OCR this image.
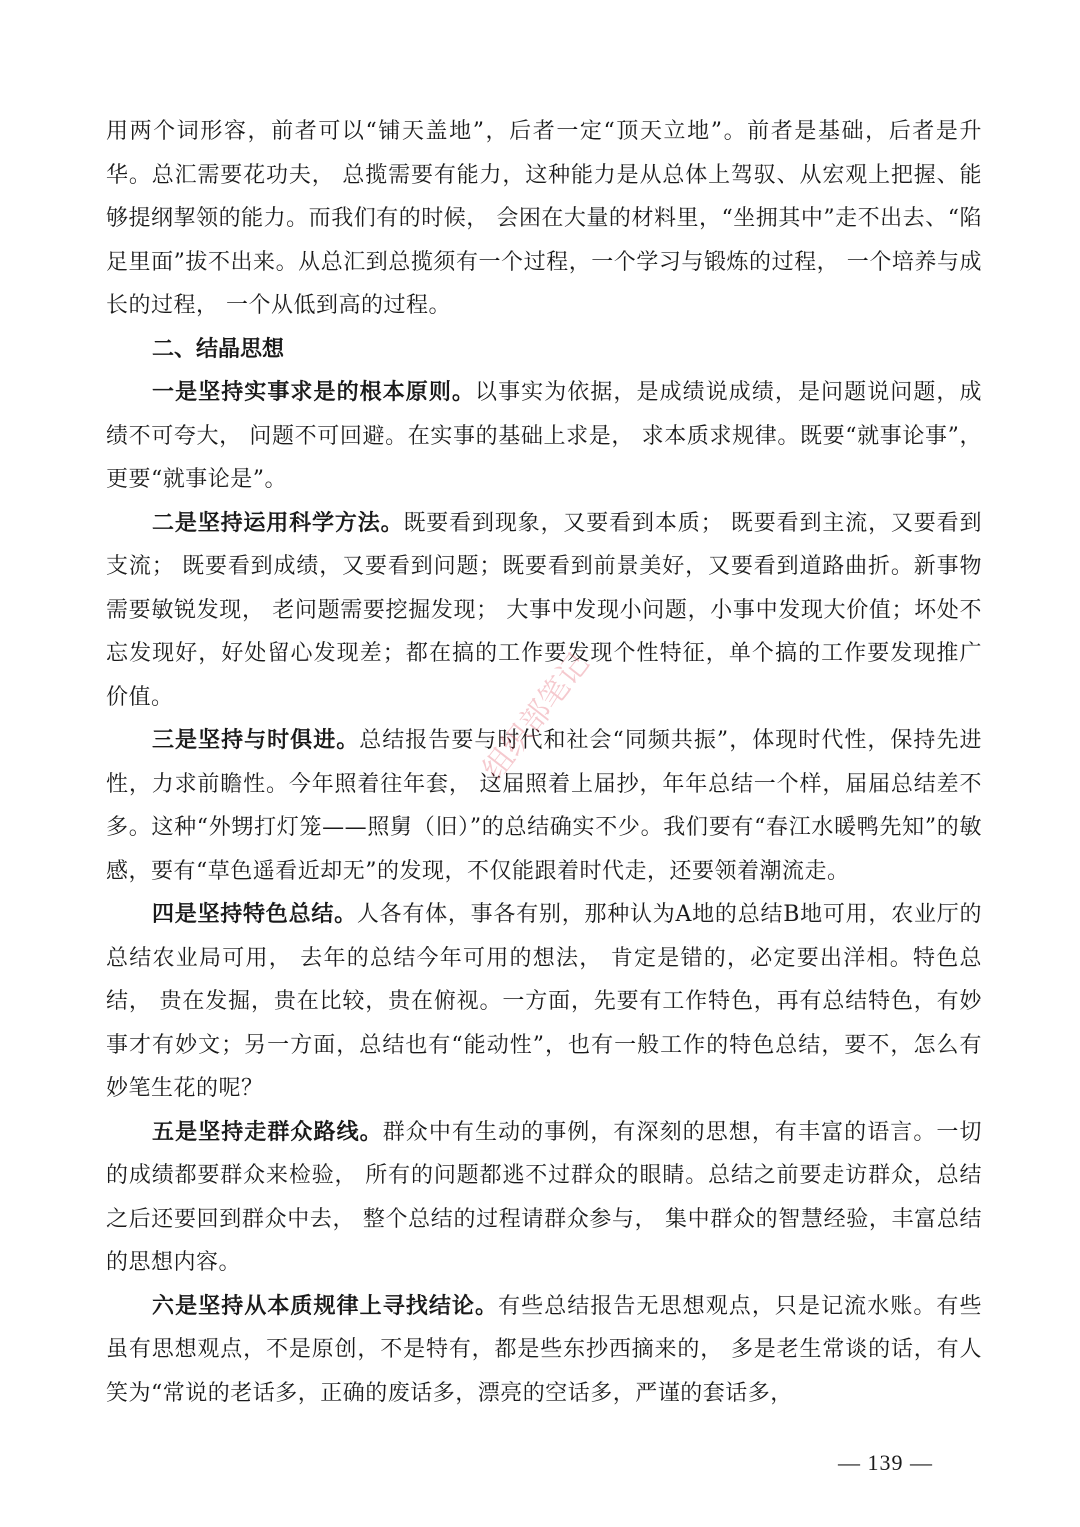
用两个词形容，前者可以“铺天盖地”，后者一定“顶天立地”。前者是基础，后者是升华。总汇需要花功夫， 总揽需要有能力，这种能力是从总体上驾驭、从宏观上把握、能够提纲挈领的能力。而我们有的时候， 会困在大量的材料里，“坐拥其中”走不出去、“陷足里面”拔不出来。从总汇到总揽须有一个过程，一个学习与锻炼的过程， 一个培养与成长的过程， 一个从低到高的过程。

二、结晶思想

一是坚持实事求是的根本原则。以事实为依据，是成绩说成绩，是问题说问题，成绩不可夸大， 问题不可回避。在实事的基础上求是， 求本质求规律。既要“就事论事”，更要“就事论是”。

二是坚持运用科学方法。既要看到现象，又要看到本质； 既要看到主流，又要看到支流； 既要看到成绩，又要看到问题；既要看到前景美好，又要看到道路曲折。新事物需要敏锐发现， 老问题需要挖掘发现； 大事中发现小问题，小事中发现大价值；坏处不忘发现好，好处留心发现差；都在搞的工作要发现个性特征，单个搞的工作要发现推广价值。

三是坚持与时俱进。总结报告要与时代和社会“同频共振”，体现时代性，保持先进性，力求前瞻性。今年照着往年套， 这届照着上届抄，年年总结一个样，届届总结差不多。这种“外甥打灯笼——照舅（旧）”的总结确实不少。我们要有“春江水暖鸭先知”的敏感，要有“草色遥看近却无”的发现，不仅能跟着时代走，还要领着潮流走。

四是坚持特色总结。人各有体，事各有别，那种认为A地的总结B地可用，农业厅的总结农业局可用， 去年的总结今年可用的想法， 肯定是错的，必定要出洋相。特色总结， 贵在发掘，贵在比较，贵在俯视。一方面，先要有工作特色，再有总结特色，有妙事才有妙文；另一方面，总结也有“能动性”，也有一般工作的特色总结，要不，怎么有妙笔生花的呢？

五是坚持走群众路线。群众中有生动的事例，有深刻的思想，有丰富的语言。一切的成绩都要群众来检验， 所有的问题都逃不过群众的眼睛。总结之前要走访群众，总结之后还要回到群众中去， 整个总结的过程请群众参与， 集中群众的智慧经验，丰富总结的思想内容。

六是坚持从本质规律上寻找结论。有些总结报告无思想观点，只是记流水账。有些虽有思想观点，不是原创，不是特有，都是些东抄西摘来的， 多是老生常谈的话，有人笑为“常说的老话多，正确的废话多，漂亮的空话多，严谨的套话多，

组织部笔记
— 139 —
